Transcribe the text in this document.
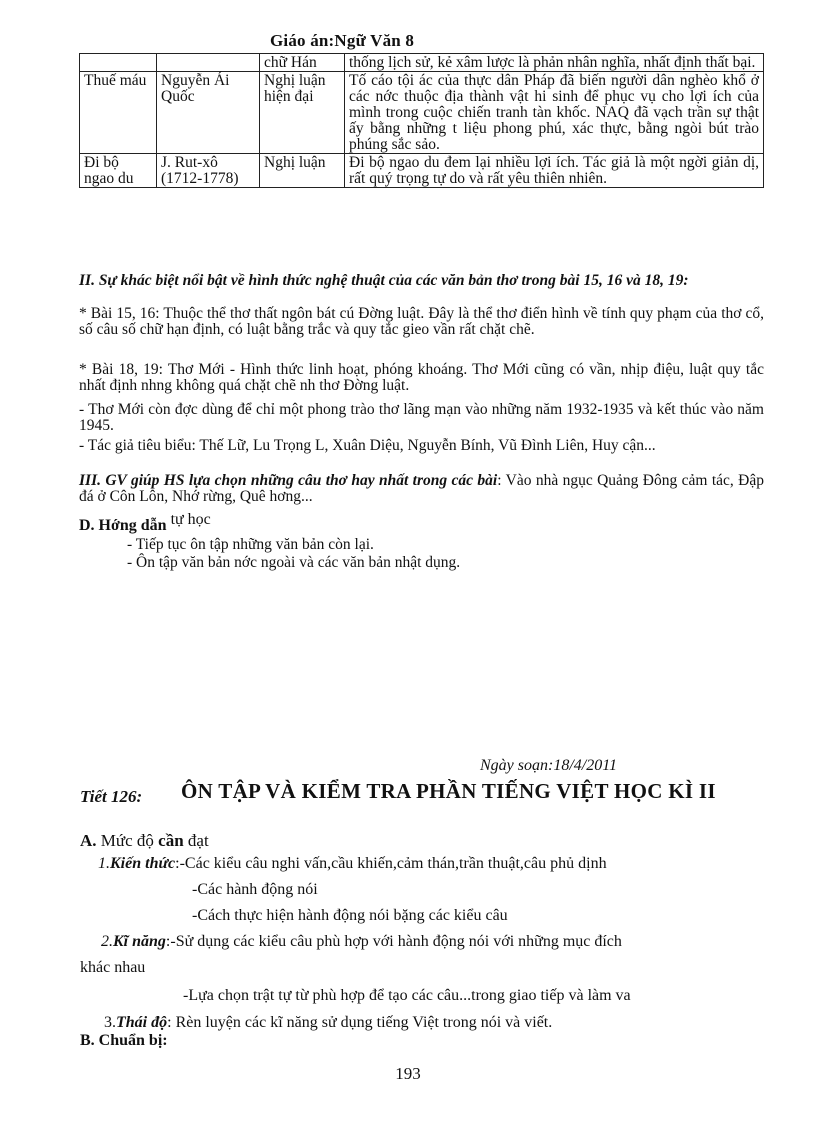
Giáo án:Ngữ Văn 8
		chữ Hán	thống lịch sử, kẻ xâm lược là phản nhân nghĩa, nhất định thất bại.
Thuế máu	Nguyễn Ái Quốc	Nghị luận hiện đại	Tố cáo tội ác của thực dân Pháp đã biến người dân nghèo khổ ở các nớc thuộc địa thành vật hi sinh để phục vụ cho lợi ích của mình trong cuộc chiến tranh tàn khốc. NAQ đã vạch trần sự thật ấy bằng những t liệu phong phú, xác thực, bằng ngòi bút trào phúng sắc sảo.
Đi bộ ngao du	J. Rut-xô (1712-1778)	Nghị luận	Đi bộ ngao du đem lại nhiều lợi ích. Tác giả là một ngời giản dị, rất quý trọng tự do và rất yêu thiên nhiên.
II. Sự khác biệt nổi bật về hình thức nghệ thuật của các văn bản thơ trong bài 15, 16 và 18, 19:
* Bài 15, 16: Thuộc thể thơ thất ngôn bát cú Đờng luật. Đây là thể thơ điển hình về tính quy phạm của thơ cổ, số câu số chữ hạn định, có luật bằng trắc và quy tắc gieo vần rất chặt chẽ.
* Bài 18, 19: Thơ Mới - Hình thức linh hoạt, phóng khoáng. Thơ Mới cũng có vần, nhịp điệu, luật quy tắc nhất định nhng không quá chặt chẽ nh thơ Đờng luật.
- Thơ Mới còn đợc dùng để chỉ một phong trào thơ lãng mạn vào những năm 1932-1935 và kết thúc vào năm 1945.
- Tác giả tiêu biểu: Thế Lữ, Lu Trọng L, Xuân Diệu, Nguyễn Bính, Vũ Đình Liên, Huy cận...
III. GV giúp HS lựa chọn những câu thơ hay nhất trong các bài: Vào nhà ngục Quảng Đông cảm tác, Đập đá ở Côn Lôn, Nhớ rừng, Quê hơng...
D. Hớng dẫn tự học
- Tiếp tục ôn tập những văn bản còn lại.
- Ôn tập văn bản nớc ngoài và các văn bản nhật dụng.
Ngày soạn:18/4/2011
Tiết 126: ÔN TẬP VÀ KIỂM TRA PHẦN TIẾNG VIỆT HỌC KÌ II
A. Mức độ cần đạt
1.Kiến thức:-Các kiểu câu nghi vấn,cầu khiến,cảm thán,trần thuật,câu phủ dịnh
-Các hành động nói
-Cách thực hiện hành động nói bặng các kiểu câu
2.Kĩ năng:-Sử dụng các kiểu câu phù hợp với hành động nói với những mục đích
khác nhau
-Lựa chọn trật tự từ phù hợp để tạo các câu...trong giao tiếp và làm va
3.Thái độ: Rèn luyện các kĩ năng sử dụng tiếng Việt trong nói và viết.
B. Chuẩn bị:
193
